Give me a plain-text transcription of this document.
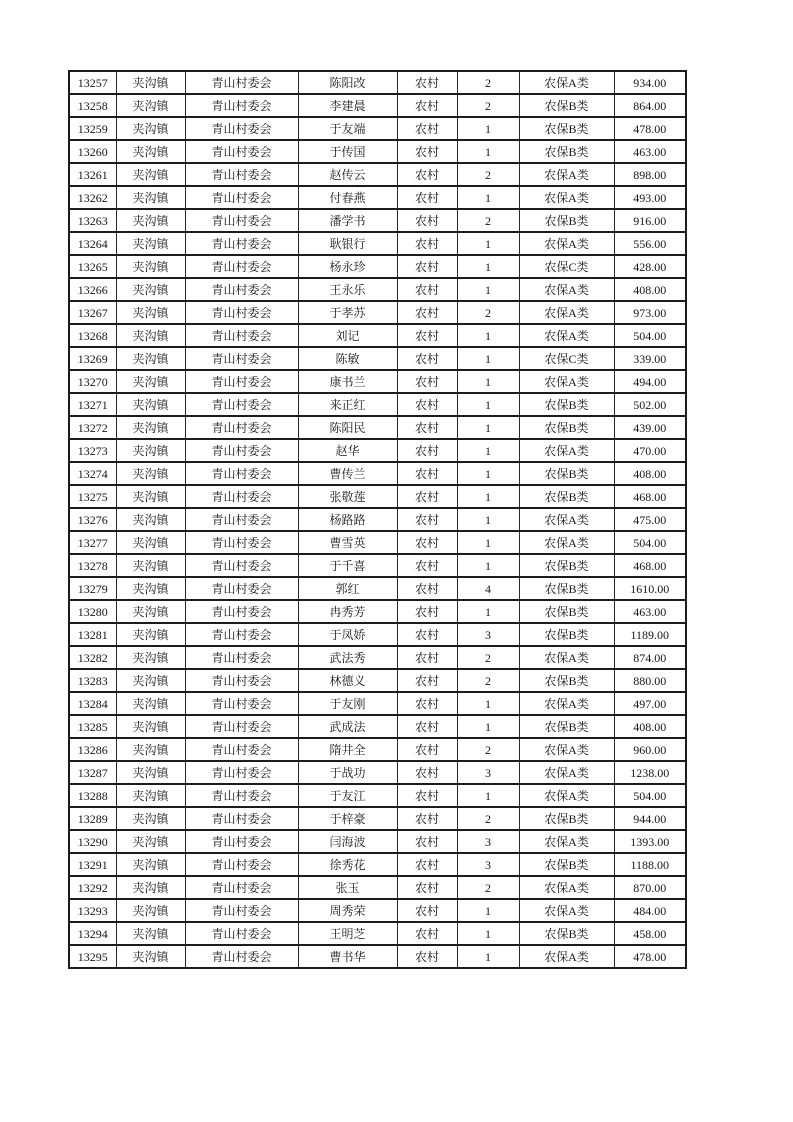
13257	夹沟镇	青山村委会	陈阳改	农村	2	农保A类	934.00
13258	夹沟镇	青山村委会	李建晨	农村	2	农保B类	864.00
13259	夹沟镇	青山村委会	于友端	农村	1	农保B类	478.00
13260	夹沟镇	青山村委会	于传国	农村	1	农保B类	463.00
13261	夹沟镇	青山村委会	赵传云	农村	2	农保A类	898.00
13262	夹沟镇	青山村委会	付春燕	农村	1	农保A类	493.00
13263	夹沟镇	青山村委会	潘学书	农村	2	农保B类	916.00
13264	夹沟镇	青山村委会	耿银行	农村	1	农保A类	556.00
13265	夹沟镇	青山村委会	杨永珍	农村	1	农保C类	428.00
13266	夹沟镇	青山村委会	王永乐	农村	1	农保A类	408.00
13267	夹沟镇	青山村委会	于孝苏	农村	2	农保A类	973.00
13268	夹沟镇	青山村委会	刘记	农村	1	农保A类	504.00
13269	夹沟镇	青山村委会	陈敏	农村	1	农保C类	339.00
13270	夹沟镇	青山村委会	康书兰	农村	1	农保A类	494.00
13271	夹沟镇	青山村委会	来正红	农村	1	农保B类	502.00
13272	夹沟镇	青山村委会	陈阳民	农村	1	农保B类	439.00
13273	夹沟镇	青山村委会	赵华	农村	1	农保A类	470.00
13274	夹沟镇	青山村委会	曹传兰	农村	1	农保B类	408.00
13275	夹沟镇	青山村委会	张敬莲	农村	1	农保B类	468.00
13276	夹沟镇	青山村委会	杨路路	农村	1	农保A类	475.00
13277	夹沟镇	青山村委会	曹雪英	农村	1	农保A类	504.00
13278	夹沟镇	青山村委会	于千喜	农村	1	农保B类	468.00
13279	夹沟镇	青山村委会	郭红	农村	4	农保B类	1610.00
13280	夹沟镇	青山村委会	冉秀芳	农村	1	农保B类	463.00
13281	夹沟镇	青山村委会	于凤娇	农村	3	农保B类	1189.00
13282	夹沟镇	青山村委会	武法秀	农村	2	农保A类	874.00
13283	夹沟镇	青山村委会	林德义	农村	2	农保B类	880.00
13284	夹沟镇	青山村委会	于友刚	农村	1	农保A类	497.00
13285	夹沟镇	青山村委会	武成法	农村	1	农保B类	408.00
13286	夹沟镇	青山村委会	隋井全	农村	2	农保A类	960.00
13287	夹沟镇	青山村委会	于战功	农村	3	农保A类	1238.00
13288	夹沟镇	青山村委会	于友江	农村	1	农保A类	504.00
13289	夹沟镇	青山村委会	于梓豪	农村	2	农保B类	944.00
13290	夹沟镇	青山村委会	闫海波	农村	3	农保A类	1393.00
13291	夹沟镇	青山村委会	徐秀花	农村	3	农保B类	1188.00
13292	夹沟镇	青山村委会	张玉	农村	2	农保A类	870.00
13293	夹沟镇	青山村委会	周秀荣	农村	1	农保A类	484.00
13294	夹沟镇	青山村委会	王明芝	农村	1	农保B类	458.00
13295	夹沟镇	青山村委会	曹书华	农村	1	农保A类	478.00
